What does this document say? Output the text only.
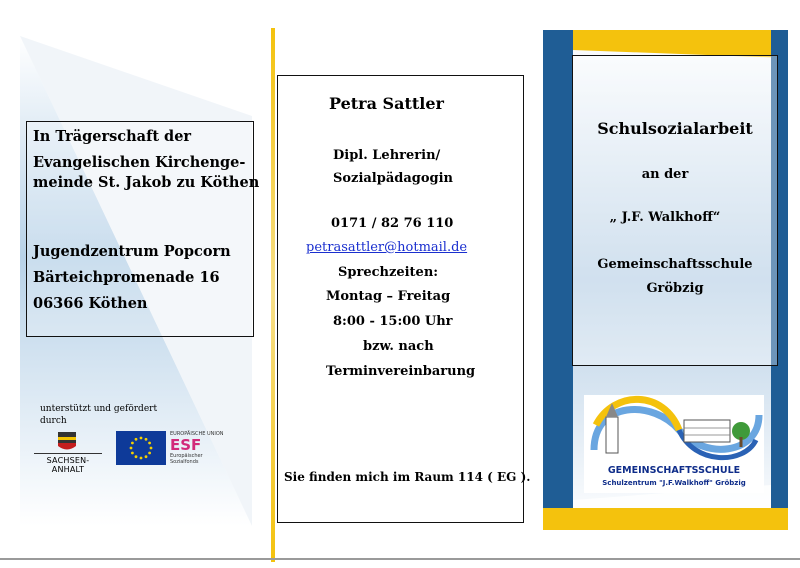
In Trägerschaft der
Evangelischen Kirchenge-
meinde St. Jakob zu Köthen
Jugendzentrum Popcorn
Bärteichpromenade 16
06366 Köthen
unterstützt und gefördert
durch
SACHSEN-ANHALT
EUROPÄISCHE UNION
ESF
Europäischer
Sozialfonds
Petra Sattler
Dipl. Lehrerin/
Sozialpädagogin
0171 / 82 76 110
petrasattler@hotmail.de
Sprechzeiten:
Montag – Freitag
8:00 - 15:00 Uhr
bzw. nach
Terminvereinbarung
Sie finden mich im Raum 114 ( EG ).
Schulsozialarbeit
an der
„ J.F. Walkhoff“
Gemeinschaftsschule
Gröbzig
GEMEINSCHAFTSSCHULE
Schulzentrum "J.F.Walkhoff" Gröbzig
